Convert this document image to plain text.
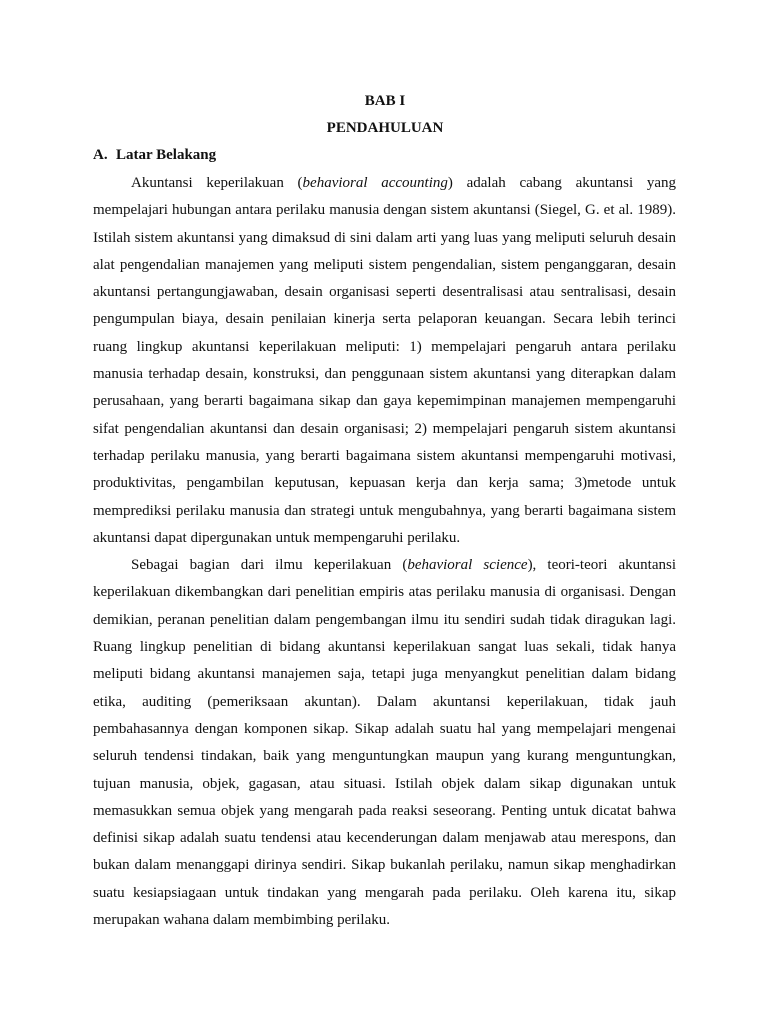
BAB I
PENDAHULUAN
A. Latar Belakang

Akuntansi keperilakuan (behavioral accounting) adalah cabang akuntansi yang mempelajari hubungan antara perilaku manusia dengan sistem akuntansi (Siegel, G. et al. 1989). Istilah sistem akuntansi yang dimaksud di sini dalam arti yang luas yang meliputi seluruh desain alat pengendalian manajemen yang meliputi sistem pengendalian, sistem penganggaran, desain akuntansi pertangungjawaban, desain organisasi seperti desentralisasi atau sentralisasi, desain pengumpulan biaya, desain penilaian kinerja serta pelaporan keuangan. Secara lebih terinci ruang lingkup akuntansi keperilakuan meliputi: 1) mempelajari pengaruh antara perilaku manusia terhadap desain, konstruksi, dan penggunaan sistem akuntansi yang diterapkan dalam perusahaan, yang berarti bagaimana sikap dan gaya kepemimpinan manajemen mempengaruhi sifat pengendalian akuntansi dan desain organisasi; 2) mempelajari pengaruh sistem akuntansi terhadap perilaku manusia, yang berarti bagaimana sistem akuntansi mempengaruhi motivasi, produktivitas, pengambilan keputusan, kepuasan kerja dan kerja sama; 3)metode untuk memprediksi perilaku manusia dan strategi untuk mengubahnya, yang berarti bagaimana sistem akuntansi dapat dipergunakan untuk mempengaruhi perilaku.

Sebagai bagian dari ilmu keperilakuan (behavioral science), teori-teori akuntansi keperilakuan dikembangkan dari penelitian empiris atas perilaku manusia di organisasi. Dengan demikian, peranan penelitian dalam pengembangan ilmu itu sendiri sudah tidak diragukan lagi. Ruang lingkup penelitian di bidang akuntansi keperilakuan sangat luas sekali, tidak hanya meliputi bidang akuntansi manajemen saja, tetapi juga menyangkut penelitian dalam bidang etika, auditing (pemeriksaan akuntan). Dalam akuntansi keperilakuan, tidak jauh pembahasannya dengan komponen sikap. Sikap adalah suatu hal yang mempelajari mengenai seluruh tendensi tindakan, baik yang menguntungkan maupun yang kurang menguntungkan, tujuan manusia, objek, gagasan, atau situasi. Istilah objek dalam sikap digunakan untuk memasukkan semua objek yang mengarah pada reaksi seseorang. Penting untuk dicatat bahwa definisi sikap adalah suatu tendensi atau kecenderungan dalam menjawab atau merespons, dan bukan dalam menanggapi dirinya sendiri. Sikap bukanlah perilaku, namun sikap menghadirkan suatu kesiapsiagaan untuk tindakan yang mengarah pada perilaku. Oleh karena itu, sikap merupakan wahana dalam membimbing perilaku.
